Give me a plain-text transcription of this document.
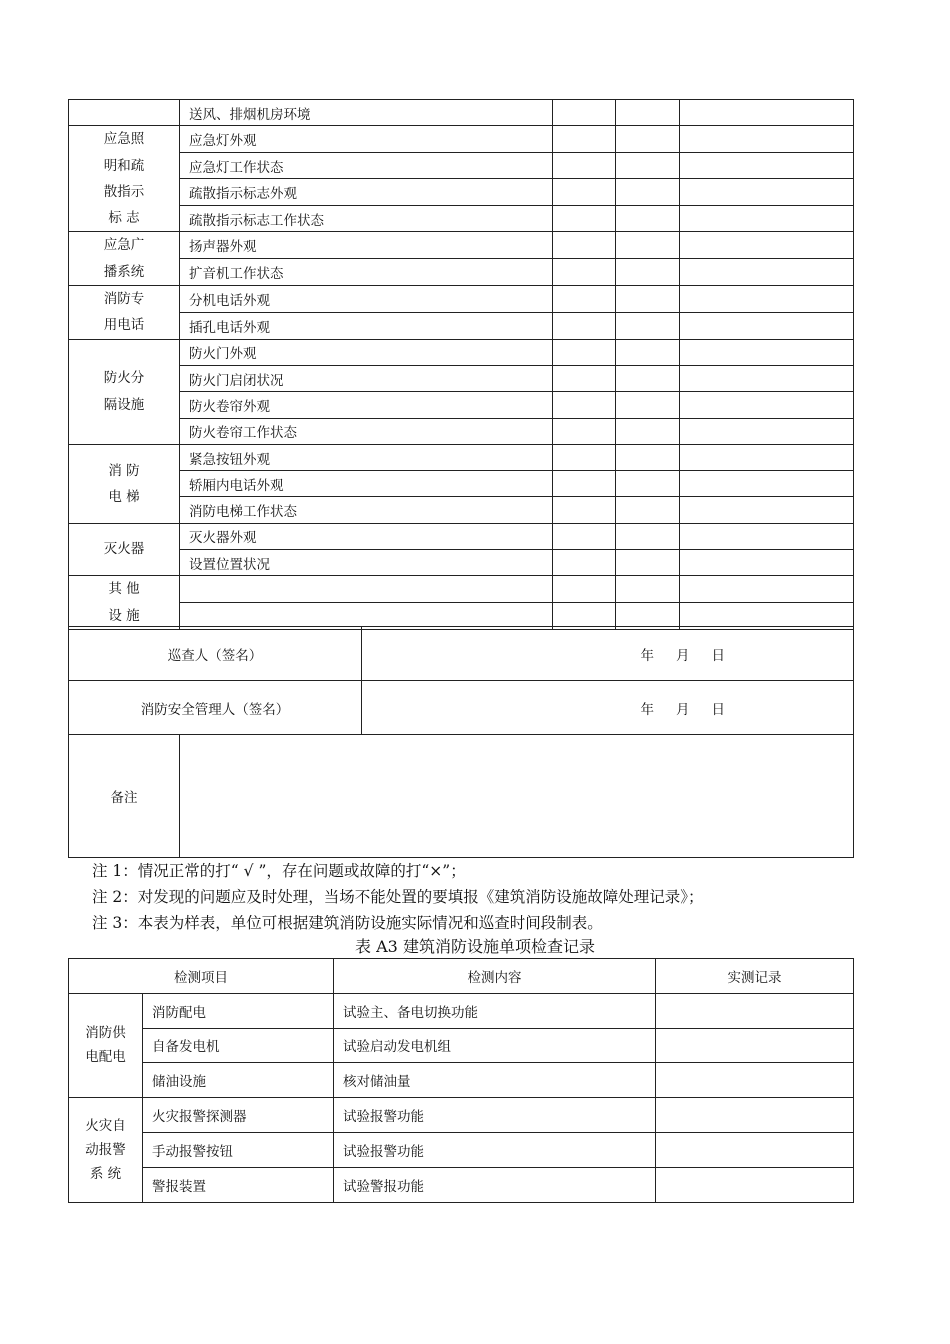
	送风、排烟机房环境			

应急照
明和疏
散指示
标 志	应急灯外观			
	应急灯工作状态			
	疏散指示标志外观			
	疏散指示标志工作状态			

应急广
播系统	扬声器外观			
	扩音机工作状态			

消防专
用电话	分机电话外观			
	插孔电话外观			

防火分
隔设施	防火门外观			
	防火门启闭状况			
	防火卷帘外观			
	防火卷帘工作状态			

消 防
电 梯	紧急按钮外观			
	轿厢内电话外观			
	消防电梯工作状态			

灭火器	灭火器外观			
	设置位置状况			

其 他
设 施				

巡查人（签名）		年 月 日
消防安全管理人（签名）		年 月 日
备注		
注 1：情况正常的打“ √ ”，存在问题或故障的打“×”；
注 2：对发现的问题应及时处理，当场不能处置的要填报《建筑消防设施故障处理记录》；
注 3：本表为样表，单位可根据建筑消防设施实际情况和巡查时间段制表。
表 A3 建筑消防设施单项检查记录
检测项目		检测内容	实测记录

消防供
电配电	消防配电	试验主、备电切换功能	
	自备发电机	试验启动发电机组	
	储油设施	核对储油量	

火灾自
动报警
系 统	火灾报警探测器	试验报警功能	
	手动报警按钮	试验报警功能	
	警报装置	试验警报功能	
